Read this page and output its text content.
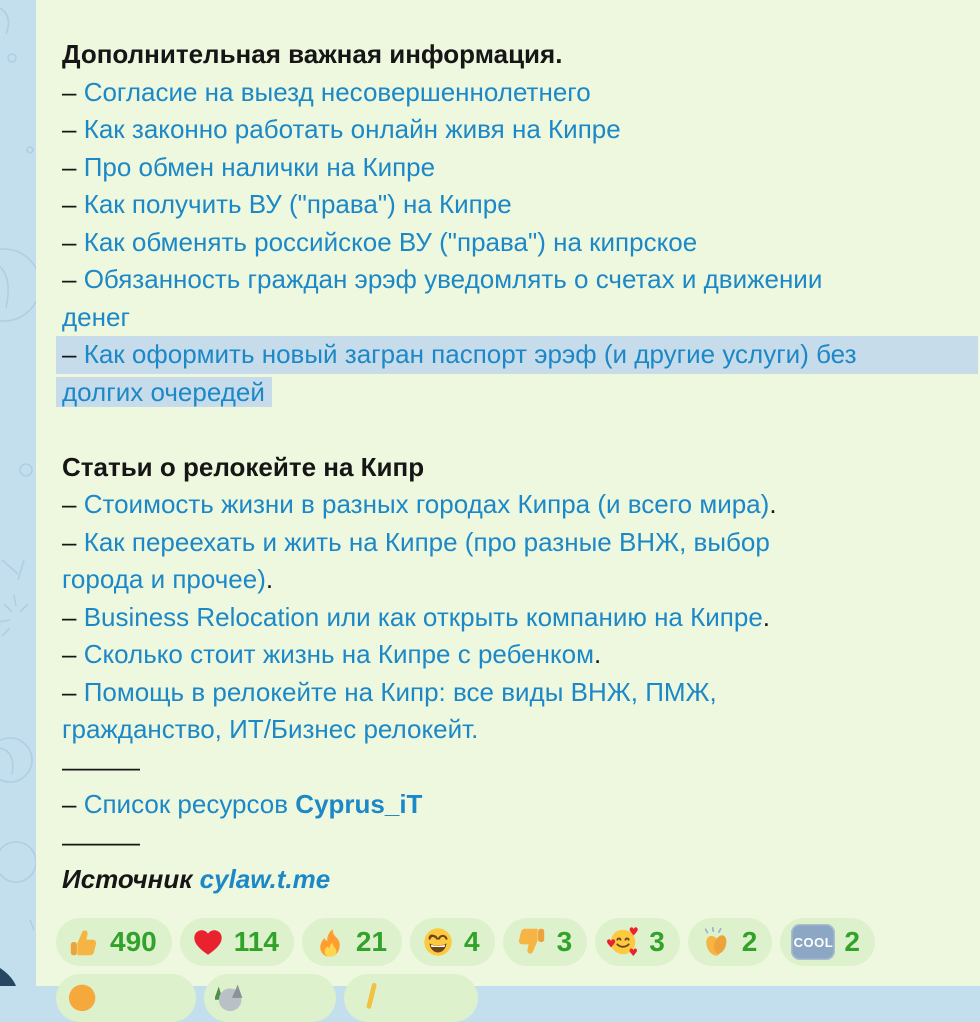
Дополнительная важная информация.
– Согласие на выезд несовершеннолетнего
– Как законно работать онлайн живя на Кипре
– Про обмен налички на Кипре
– Как получить ВУ ("права") на Кипре
– Как обменять российское ВУ ("права") на кипрское
– Обязанность граждан эрэф уведомлять о счетах и движении
денег
– Как оформить новый загран паспорт эрэф (и другие услуги) без
долгих очередей
Статьи о релокейте на Кипр
– Стоимость жизни в разных городах Кипра (и всего мира).
– Как переехать и жить на Кипре (про разные ВНЖ, выбор
города и прочее).
– Business Relocation или как открыть компанию на Кипре.
– Сколько стоит жизнь на Кипре с ребенком.
– Помощь в релокейте на Кипр: все виды ВНЖ, ПМЖ,
гражданство, ИТ/Бизнес релокейт.
———
– Список ресурсов Cyprus_iT
———
Источник cylaw.t.me
490	114	21	4	3	♥
♥
♥ 3	2	COOL 2
